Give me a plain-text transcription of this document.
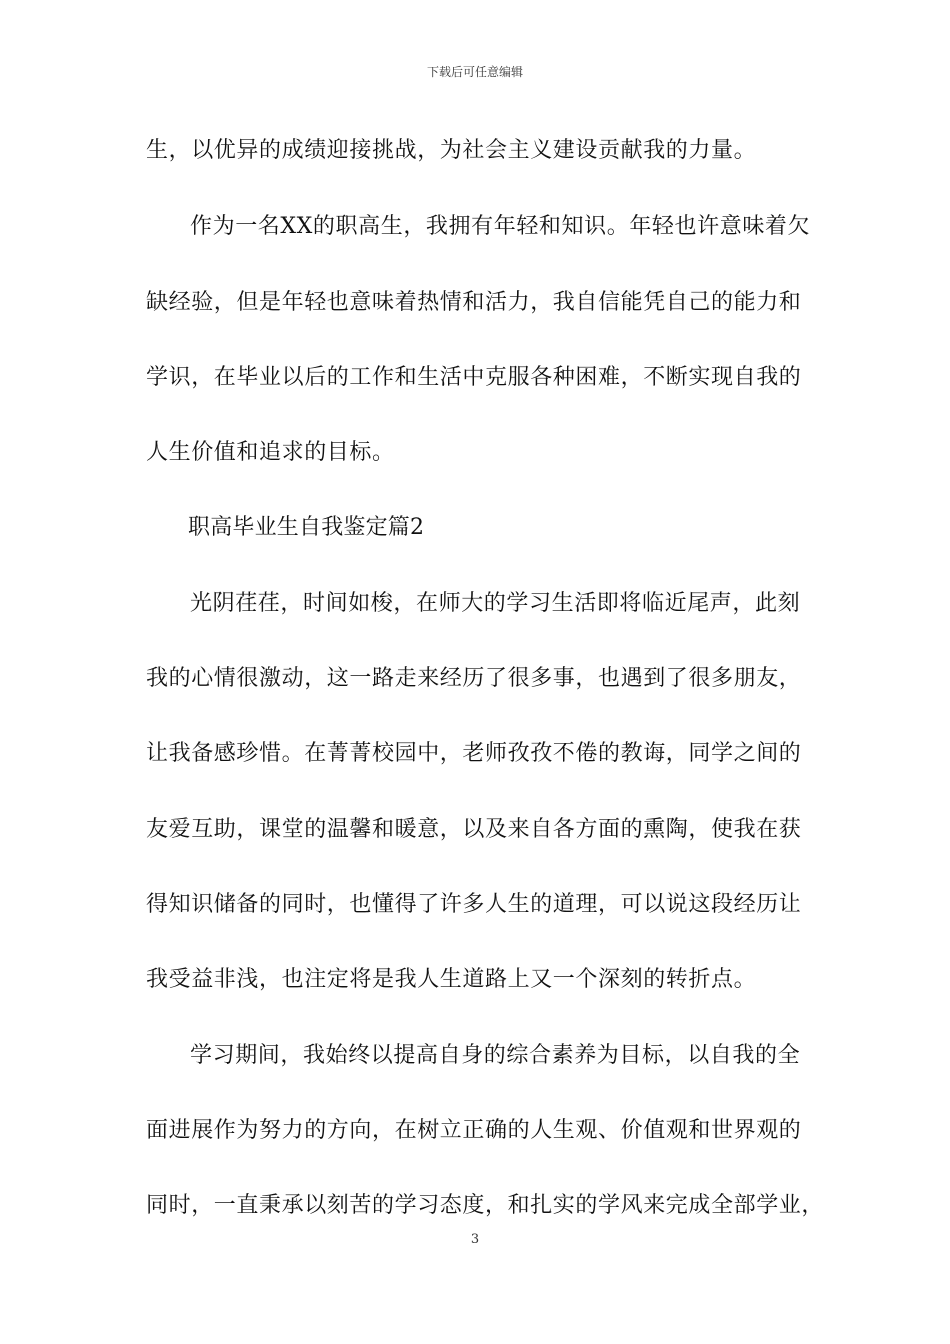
下载后可任意编辑
生，以优异的成绩迎接挑战，为社会主义建设贡献我的力量。
作为一名XX的职高生，我拥有年轻和知识。年轻也许意味着欠
缺经验，但是年轻也意味着热情和活力，我自信能凭自己的能力和
学识，在毕业以后的工作和生活中克服各种困难，不断实现自我的
人生价值和追求的目标。
职高毕业生自我鉴定篇2
光阴荏荏，时间如梭，在师大的学习生活即将临近尾声，此刻
我的心情很激动，这一路走来经历了很多事，也遇到了很多朋友，
让我备感珍惜。在菁菁校园中，老师孜孜不倦的教诲，同学之间的
友爱互助，课堂的温馨和暖意，以及来自各方面的熏陶，使我在获
得知识储备的同时，也懂得了许多人生的道理，可以说这段经历让
我受益非浅，也注定将是我人生道路上又一个深刻的转折点。
学习期间，我始终以提高自身的综合素养为目标，以自我的全
面进展作为努力的方向，在树立正确的人生观、价值观和世界观的
同时，一直秉承以刻苦的学习态度，和扎实的学风来完成全部学业，
3
